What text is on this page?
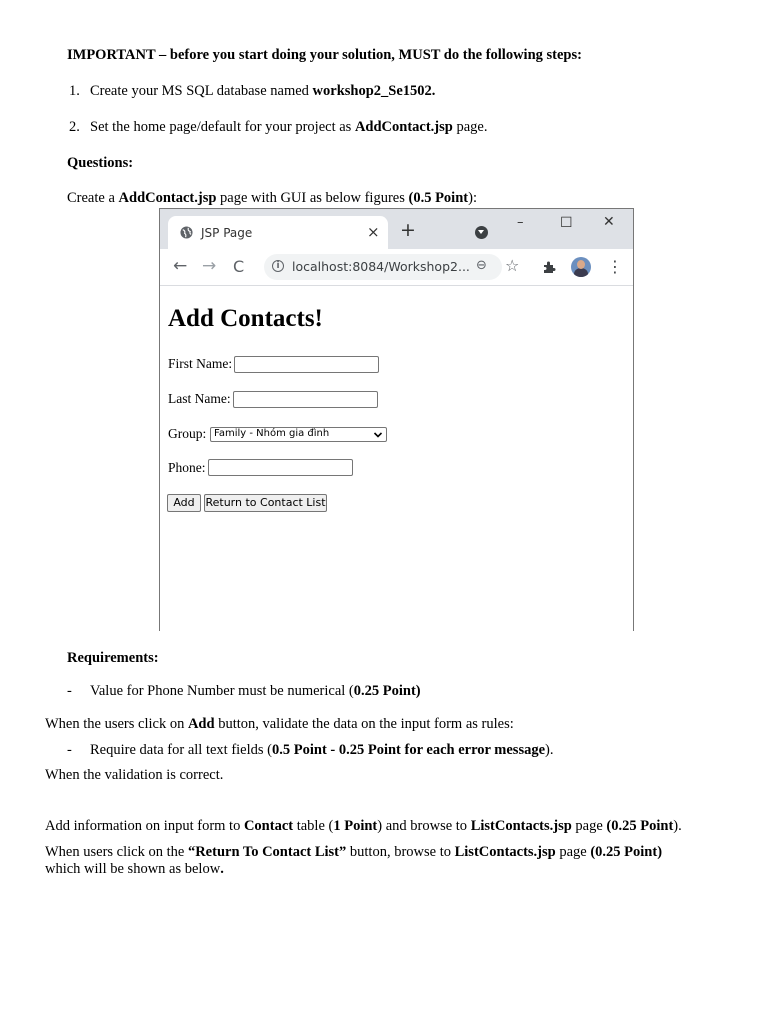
IMPORTANT – before you start doing your solution, MUST do the following steps:
1. Create your MS SQL database named workshop2_Se1502.
2. Set the home page/default for your project as AddContact.jsp page.
Questions:
Create a AddContact.jsp page with GUI as below figures (0.5 Point):
JSP Page	× +	–	☐ ✕
← → C	i localhost:8084/Workshop2... ⊖ ☆	⋮
Add Contacts!
First Name:
Last Name:
Group: Family - Nhóm gia đình
Phone:
Add Return to Contact List
Requirements:
- Value for Phone Number must be numerical (0.25 Point)
When the users click on Add button, validate the data on the input form as rules:
- Require data for all text fields (0.5 Point - 0.25 Point for each error message).
When the validation is correct.
Add information on input form to Contact table (1 Point) and browse to ListContacts.jsp page (0.25 Point).
When users click on the “Return To Contact List” button, browse to ListContacts.jsp page (0.25 Point)
which will be shown as below.
